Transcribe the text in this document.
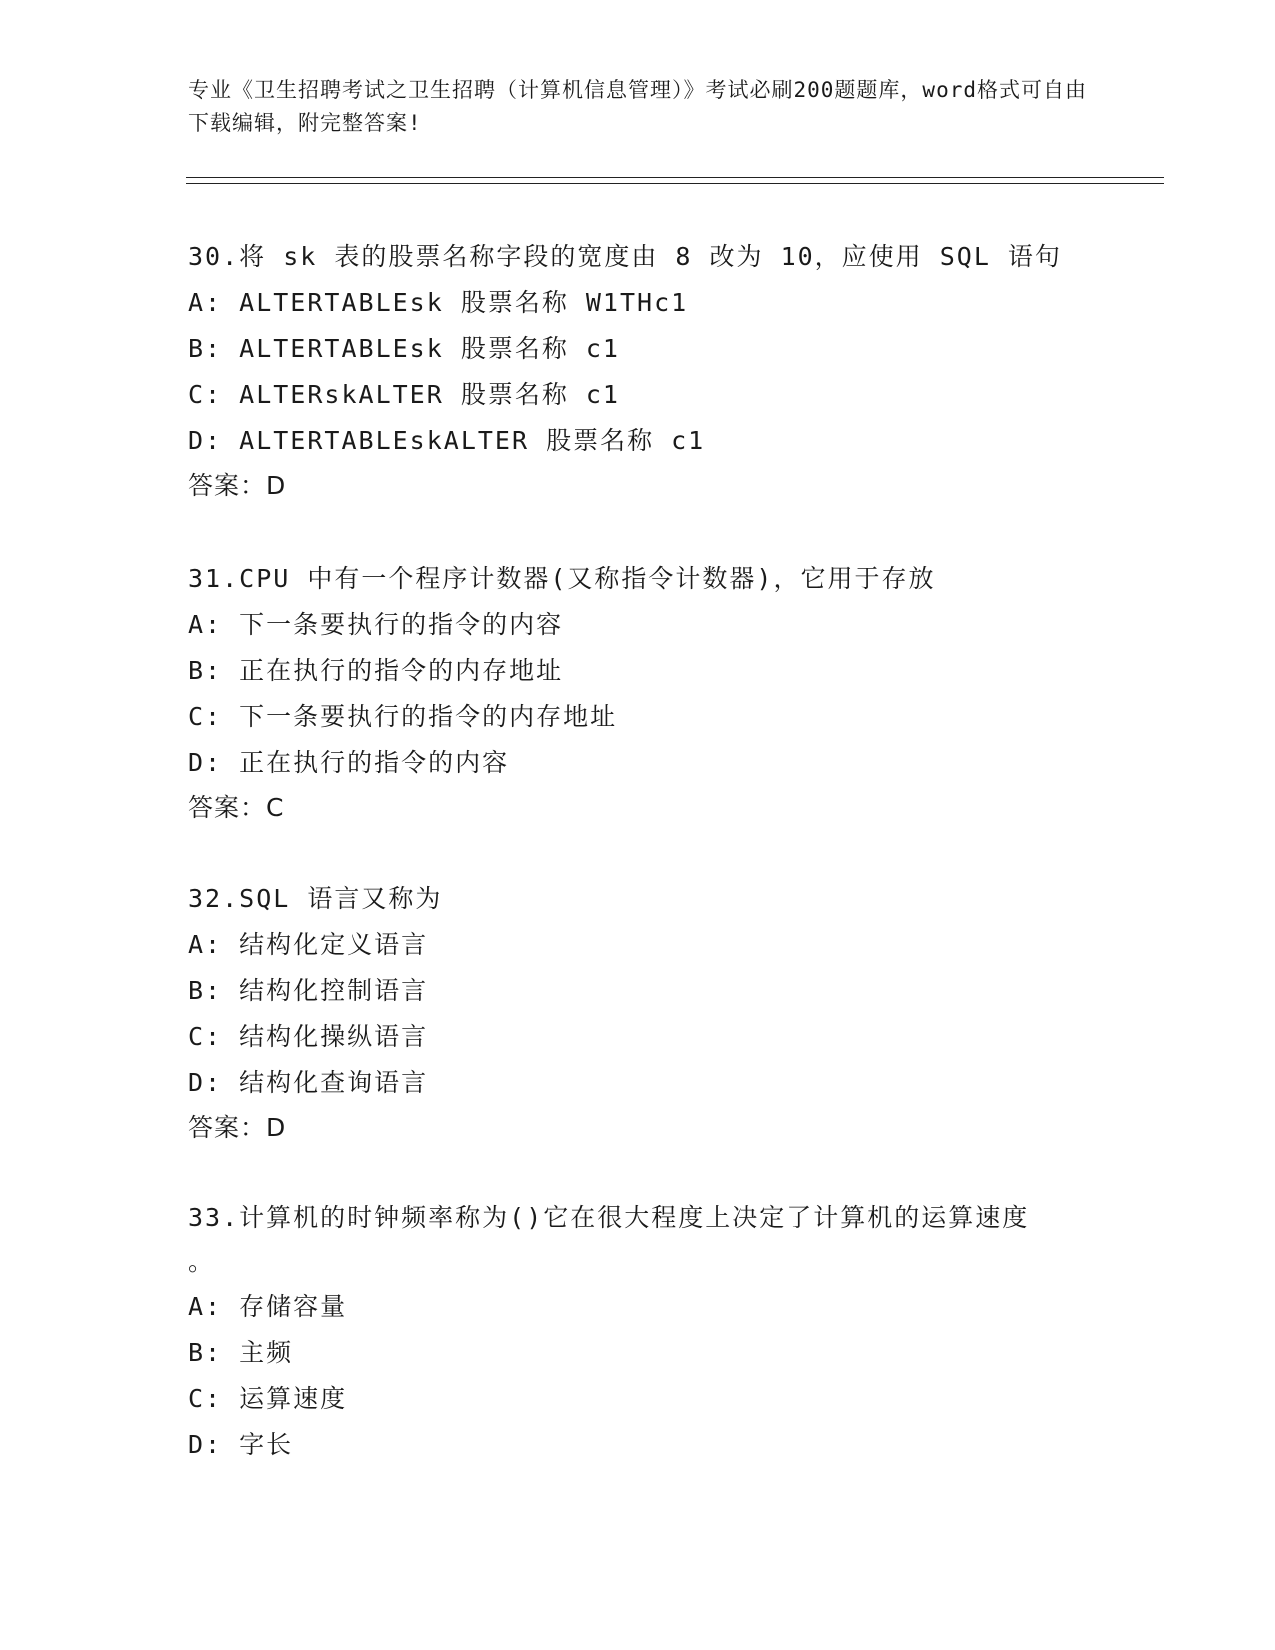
专业《卫生招聘考试之卫生招聘（计算机信息管理）》考试必刷200题题库，word格式可自由下载编辑，附完整答案!

30.将 sk 表的股票名称字段的宽度由 8 改为 10，应使用 SQL 语句

A: ALTERTABLEsk 股票名称 W1THc1

B: ALTERTABLEsk 股票名称 c1

C: ALTERskALTER 股票名称 c1

D: ALTERTABLEskALTER 股票名称 c1

答案：D

31.CPU 中有一个程序计数器(又称指令计数器)，它用于存放

A: 下一条要执行的指令的内容

B: 正在执行的指令的内存地址

C: 下一条要执行的指令的内存地址

D: 正在执行的指令的内容

答案：C

32.SQL 语言又称为

A: 结构化定义语言

B: 结构化控制语言

C: 结构化操纵语言

D: 结构化查询语言

答案：D

33.计算机的时钟频率称为()它在很大程度上决定了计算机的运算速度

。

A: 存储容量

B: 主频

C: 运算速度

D: 字长
